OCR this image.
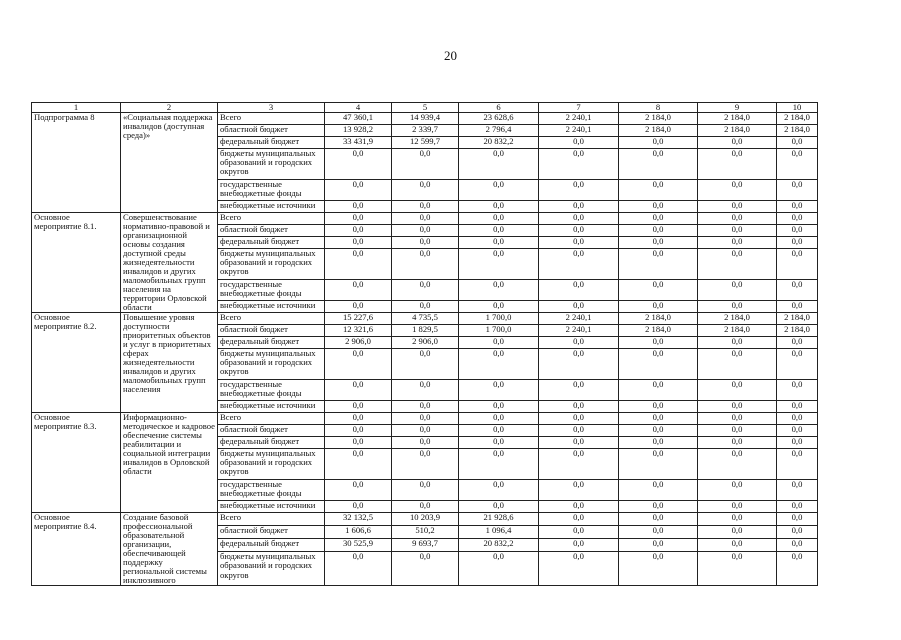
20
1	2	3	4	5	6	7	8	9	10
Подпрограмма 8	«Социальная поддержка инвалидов (доступная среда)»	Всего	47 360,1	14 939,4	23 628,6	2 240,1	2 184,0	2 184,0	2 184,0
		областной бюджет	13 928,2	2 339,7	2 796,4	2 240,1	2 184,0	2 184,0	2 184,0
		федеральный бюджет	33 431,9	12 599,7	20 832,2	0,0	0,0	0,0	0,0
		бюджеты муниципальных образований и городских округов	0,0	0,0	0,0	0,0	0,0	0,0	0,0
		государственные внебюджетные фонды	0,0	0,0	0,0	0,0	0,0	0,0	0,0
		внебюджетные источники	0,0	0,0	0,0	0,0	0,0	0,0	0,0
Основное мероприятие 8.1.	Совершенствование нормативно-правовой и организационной основы создания доступной среды жизнедеятельности инвалидов и других маломобильных групп населения на территории Орловской области	Всего	0,0	0,0	0,0	0,0	0,0	0,0	0,0
		областной бюджет	0,0	0,0	0,0	0,0	0,0	0,0	0,0
		федеральный бюджет	0,0	0,0	0,0	0,0	0,0	0,0	0,0
		бюджеты муниципальных образований и городских округов	0,0	0,0	0,0	0,0	0,0	0,0	0,0
		государственные внебюджетные фонды	0,0	0,0	0,0	0,0	0,0	0,0	0,0
		внебюджетные источники	0,0	0,0	0,0	0,0	0,0	0,0	0,0
Основное мероприятие 8.2.	Повышение уровня доступности приоритетных объектов и услуг в приоритетных сферах жизнедеятельности инвалидов и других маломобильных групп населения	Всего	15 227,6	4 735,5	1 700,0	2 240,1	2 184,0	2 184,0	2 184,0
		областной бюджет	12 321,6	1 829,5	1 700,0	2 240,1	2 184,0	2 184,0	2 184,0
		федеральный бюджет	2 906,0	2 906,0	0,0	0,0	0,0	0,0	0,0
		бюджеты муниципальных образований и городских округов	0,0	0,0	0,0	0,0	0,0	0,0	0,0
		государственные внебюджетные фонды	0,0	0,0	0,0	0,0	0,0	0,0	0,0
		внебюджетные источники	0,0	0,0	0,0	0,0	0,0	0,0	0,0
Основное мероприятие 8.3.	Информационно-методическое и кадровое обеспечение системы реабилитации и социальной интеграции инвалидов в Орловской области	Всего	0,0	0,0	0,0	0,0	0,0	0,0	0,0
		областной бюджет	0,0	0,0	0,0	0,0	0,0	0,0	0,0
		федеральный бюджет	0,0	0,0	0,0	0,0	0,0	0,0	0,0
		бюджеты муниципальных образований и городских округов	0,0	0,0	0,0	0,0	0,0	0,0	0,0
		государственные внебюджетные фонды	0,0	0,0	0,0	0,0	0,0	0,0	0,0
		внебюджетные источники	0,0	0,0	0,0	0,0	0,0	0,0	0,0
Основное мероприятие 8.4.	Создание базовой профессиональной образовательной организации, обеспечивающей поддержку региональной системы инклюзивного	Всего	32 132,5	10 203,9	21 928,6	0,0	0,0	0,0	0,0
		областной бюджет	1 606,6	510,2	1 096,4	0,0	0,0	0,0	0,0
		федеральный бюджет	30 525,9	9 693,7	20 832,2	0,0	0,0	0,0	0,0
		бюджеты муниципальных образований и городских округов	0,0	0,0	0,0	0,0	0,0	0,0	0,0
